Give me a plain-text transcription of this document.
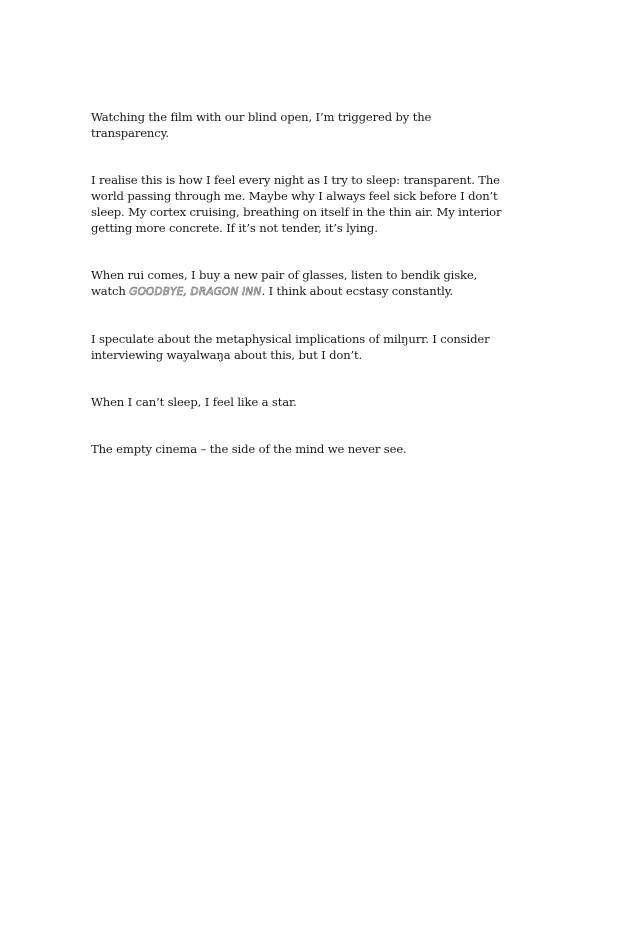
Watching the film with our blind open, I’m triggered by the transparency.

I realise this is how I feel every night as I try to sleep: transparent. The world passing through me. Maybe why I always feel sick before I don’t sleep. My cortex cruising, breathing on itself in the thin air. My interior getting more concrete. If it’s not tender, it’s lying.

When rui comes, I buy a new pair of glasses, listen to bendik giske, watch GOODBYE, DRAGON INN. I think about ecstasy constantly.

I speculate about the metaphysical implications of milŋurr. I consider interviewing wayalwaŋa about this, but I don’t.

When I can’t sleep, I feel like a star.

The empty cinema – the side of the mind we never see.
